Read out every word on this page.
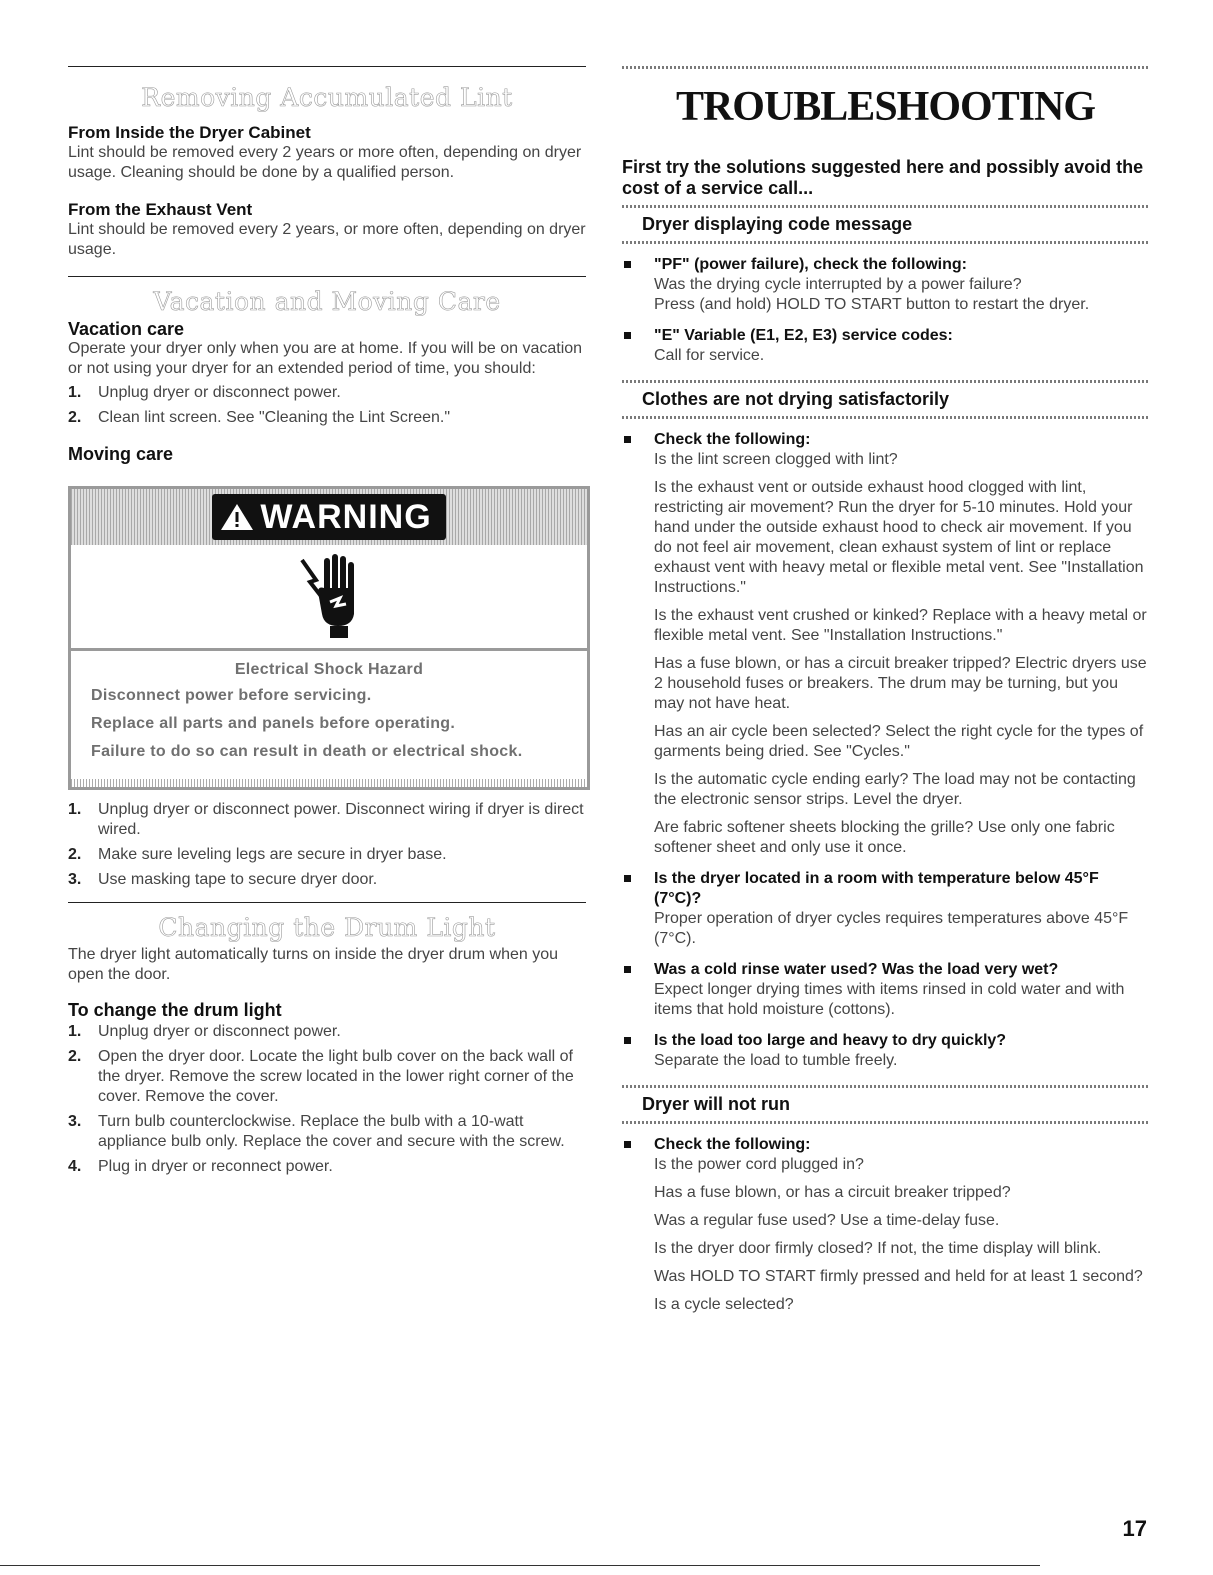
Removing Accumulated Lint
From Inside the Dryer Cabinet

Lint should be removed every 2 years or more often, depending on dryer usage. Cleaning should be done by a qualified person.

From the Exhaust Vent

Lint should be removed every 2 years, or more often, depending on dryer usage.

Vacation and Moving Care
Vacation care

Operate your dryer only when you are at home. If you will be on vacation or not using your dryer for an extended period of time, you should:

1.	Unplug dryer or disconnect power.
2.	Clean lint screen. See "Cleaning the Lint Screen."
Moving care
WARNING
Electrical Shock Hazard
Disconnect power before servicing.
Replace all parts and panels before operating.
Failure to do so can result in death or electrical shock.
1.	Unplug dryer or disconnect power. Disconnect wiring if dryer is direct wired.
2.	Make sure leveling legs are secure in dryer base.
3.	Use masking tape to secure dryer door.
Changing the Drum Light

The dryer light automatically turns on inside the dryer drum when you open the door.

To change the drum light
1.	Unplug dryer or disconnect power.
2.	Open the dryer door. Locate the light bulb cover on the back wall of the dryer. Remove the screw located in the lower right corner of the cover. Remove the cover.
3.	Turn bulb counterclockwise. Replace the bulb with a 10-watt appliance bulb only. Replace the cover and secure with the screw.
4.	Plug in dryer or reconnect power.
TROUBLESHOOTING
First try the solutions suggested here and possibly avoid the cost of a service call...
Dryer displaying code message
"PF" (power failure), check the following:

Was the drying cycle interrupted by a power failure?

Press (and hold) HOLD TO START button to restart the dryer.

"E" Variable (E1, E2, E3) service codes:

Call for service.

Clothes are not drying satisfactorily
Check the following:

Is the lint screen clogged with lint?

Is the exhaust vent or outside exhaust hood clogged with lint, restricting air movement? Run the dryer for 5-10 minutes. Hold your hand under the outside exhaust hood to check air movement. If you do not feel air movement, clean exhaust system of lint or replace exhaust vent with heavy metal or flexible metal vent. See "Installation Instructions."

Is the exhaust vent crushed or kinked? Replace with a heavy metal or flexible metal vent. See "Installation Instructions."

Has a fuse blown, or has a circuit breaker tripped? Electric dryers use 2 household fuses or breakers. The drum may be turning, but you may not have heat.

Has an air cycle been selected? Select the right cycle for the types of garments being dried. See "Cycles."

Is the automatic cycle ending early? The load may not be contacting the electronic sensor strips. Level the dryer.

Are fabric softener sheets blocking the grille? Use only one fabric softener sheet and only use it once.

Is the dryer located in a room with temperature below 45°F (7°C)?

Proper operation of dryer cycles requires temperatures above 45°F (7°C).

Was a cold rinse water used? Was the load very wet?

Expect longer drying times with items rinsed in cold water and with items that hold moisture (cottons).

Is the load too large and heavy to dry quickly?

Separate the load to tumble freely.

Dryer will not run
Check the following:

Is the power cord plugged in?

Has a fuse blown, or has a circuit breaker tripped?

Was a regular fuse used? Use a time-delay fuse.

Is the dryer door firmly closed? If not, the time display will blink.

Was HOLD TO START firmly pressed and held for at least 1 second?

Is a cycle selected?

17
